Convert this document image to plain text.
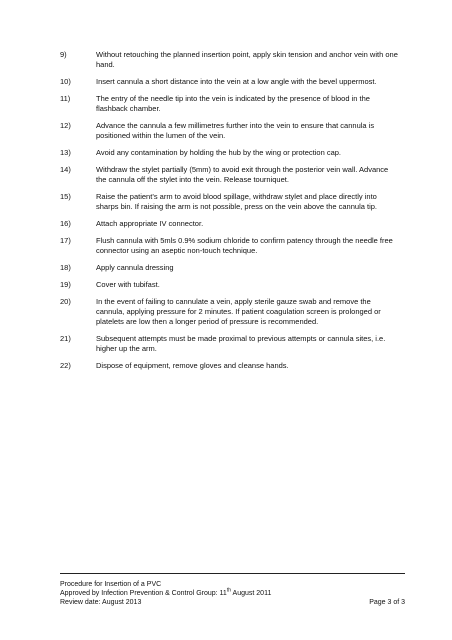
9)	Without retouching the planned insertion point, apply skin tension and anchor vein with one hand.
10)	Insert cannula a short distance into the vein at a low angle with the bevel uppermost.
11)	The entry of the needle tip into the vein is indicated by the presence of blood in the flashback chamber.
12)	Advance the cannula a few millimetres further into the vein to ensure that cannula is positioned within the lumen of the vein.
13)	Avoid any contamination by holding the hub by the wing or protection cap.
14)	Withdraw the stylet partially (5mm) to avoid exit through the posterior vein wall. Advance the cannula off the stylet into the vein. Release tourniquet.
15)	Raise the patient’s arm to avoid blood spillage, withdraw stylet and place directly into sharps bin. If raising the arm is not possible, press on the vein above the cannula tip.
16)	Attach appropriate IV connector.
17)	Flush cannula with 5mls 0.9% sodium chloride to confirm patency through the needle free connector using an aseptic non-touch technique.
18)	Apply cannula dressing
19)	Cover with tubifast.
20)	In the event of failing to cannulate a vein, apply sterile gauze swab and remove the cannula, applying pressure for 2 minutes. If patient coagulation screen is prolonged or platelets are low then a longer period of pressure is recommended.
21)	Subsequent attempts must be made proximal to previous attempts or cannula sites, i.e. higher up the arm.
22)	Dispose of equipment, remove gloves and cleanse hands.
Procedure for Insertion of a PVC
Approved by Infection Prevention & Control Group: 11th August 2011
Review date: August 2013	Page 3 of 3
